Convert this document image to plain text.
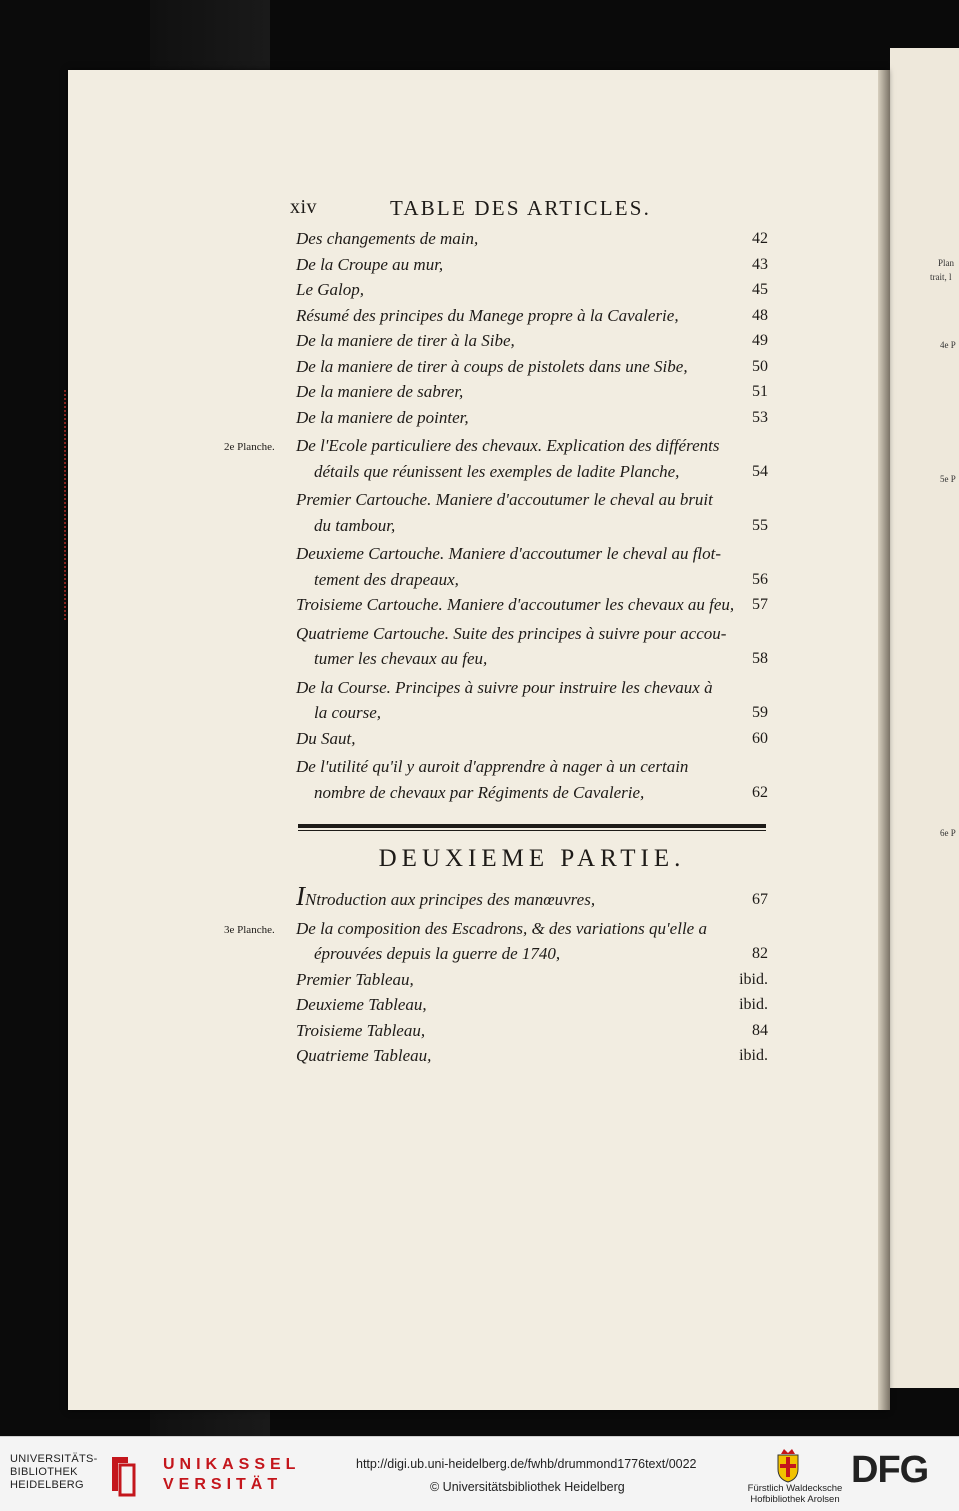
Plan
trait, l
4e P
5e P
6e P
xiv	TABLE DES ARTICLES.
Des changements de main,	42
De la Croupe au mur,	43
Le Galop,	45
Résumé des principes du Manege propre à la Cavalerie,	48
De la maniere de tirer à la Sibe,	49
De la maniere de tirer à coups de pistolets dans une Sibe,	50
De la maniere de sabrer,	51
De la maniere de pointer,	53
2e Planche. De l'Ecole particuliere des chevaux. Explication des différents
détails que réunissent les exemples de ladite Planche,	54
Premier Cartouche. Maniere d'accoutumer le cheval au bruit
du tambour,	55
Deuxieme Cartouche. Maniere d'accoutumer le cheval au flot-
tement des drapeaux,	56
Troisieme Cartouche. Maniere d'accoutumer les chevaux au feu, 57
Quatrieme Cartouche. Suite des principes à suivre pour accou-
tumer les chevaux au feu,	58
De la Course. Principes à suivre pour instruire les chevaux à
la course,	59
Du Saut,	60
De l'utilité qu'il y auroit d'apprendre à nager à un certain
nombre de chevaux par Régiments de Cavalerie,	62
DEUXIEME PARTIE.
INtroduction aux principes des manœuvres,	67
3e Planche. De la composition des Escadrons, & des variations qu'elle a
éprouvées depuis la guerre de 1740,	82
Premier Tableau,	ibid.
Deuxieme Tableau,	ibid.
Troisieme Tableau,	84
Quatrieme Tableau,	ibid.
UNIVERSITÄTS-
BIBLIOTHEK
HEIDELBERG
UNIKASSEL
VERSITÄT
http://digi.ub.uni-heidelberg.de/fwhb/drummond1776text/0022
© Universitätsbibliothek Heidelberg	Fürstlich Waldecksche
Hofbibliothek Arolsen
DFG
